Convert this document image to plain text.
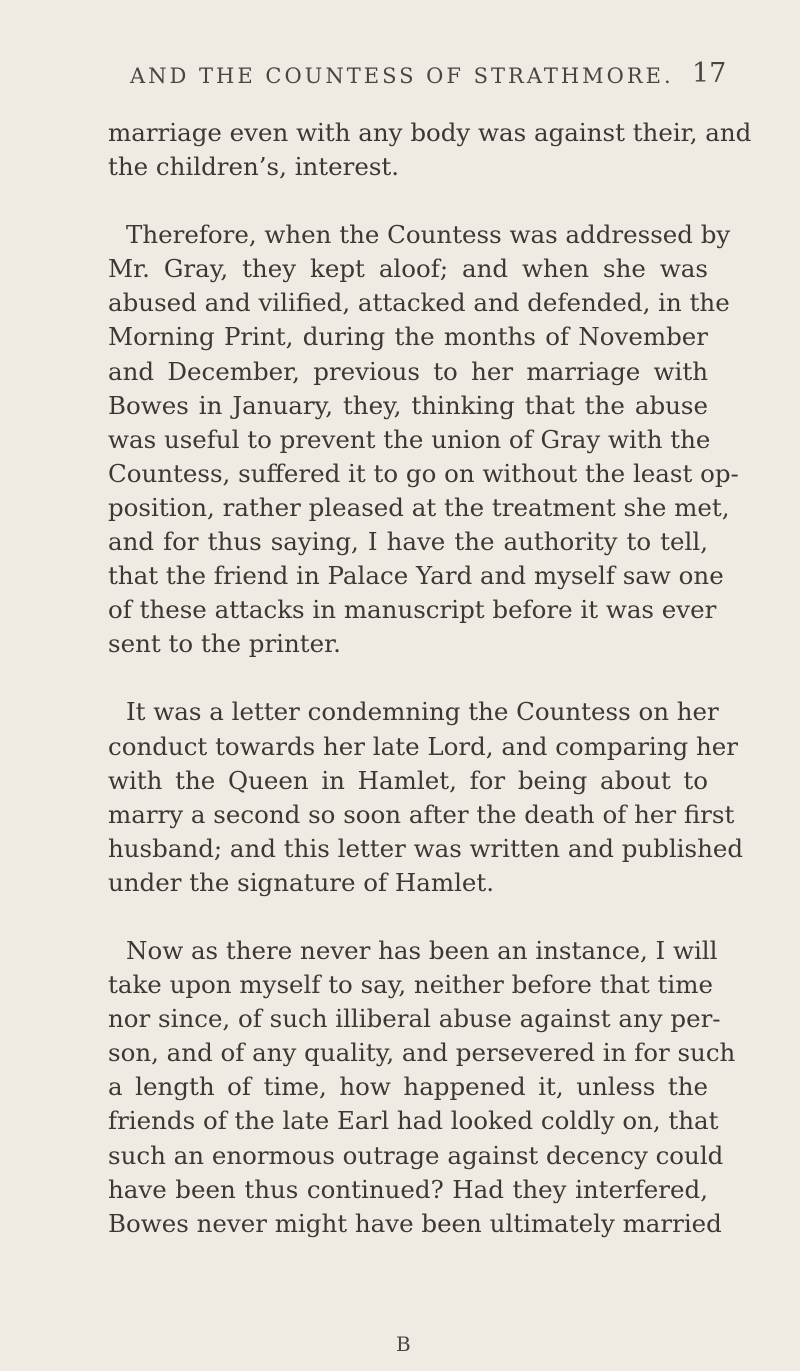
AND THE COUNTESS OF STRATHMORE. 17
marriage even with any body was against their, and
the children’s, interest.
Therefore, when the Countess was addressed by
Mr. Gray, they kept aloof; and when she was
abused and vilified, attacked and defended, in the
Morning Print, during the months of November
and December, previous to her marriage with
Bowes in January, they, thinking that the abuse
was useful to prevent the union of Gray with the
Countess, suffered it to go on without the least op-
position, rather pleased at the treatment she met,
and for thus saying, I have the authority to tell,
that the friend in Palace Yard and myself saw one
of these attacks in manuscript before it was ever
sent to the printer.
It was a letter condemning the Countess on her
conduct towards her late Lord, and comparing her
with the Queen in Hamlet, for being about to
marry a second so soon after the death of her first
husband; and this letter was written and published
under the signature of Hamlet.
Now as there never has been an instance, I will
take upon myself to say, neither before that time
nor since, of such illiberal abuse against any per-
son, and of any quality, and persevered in for such
a length of time, how happened it, unless the
friends of the late Earl had looked coldly on, that
such an enormous outrage against decency could
have been thus continued? Had they interfered,
Bowes never might have been ultimately married
B
